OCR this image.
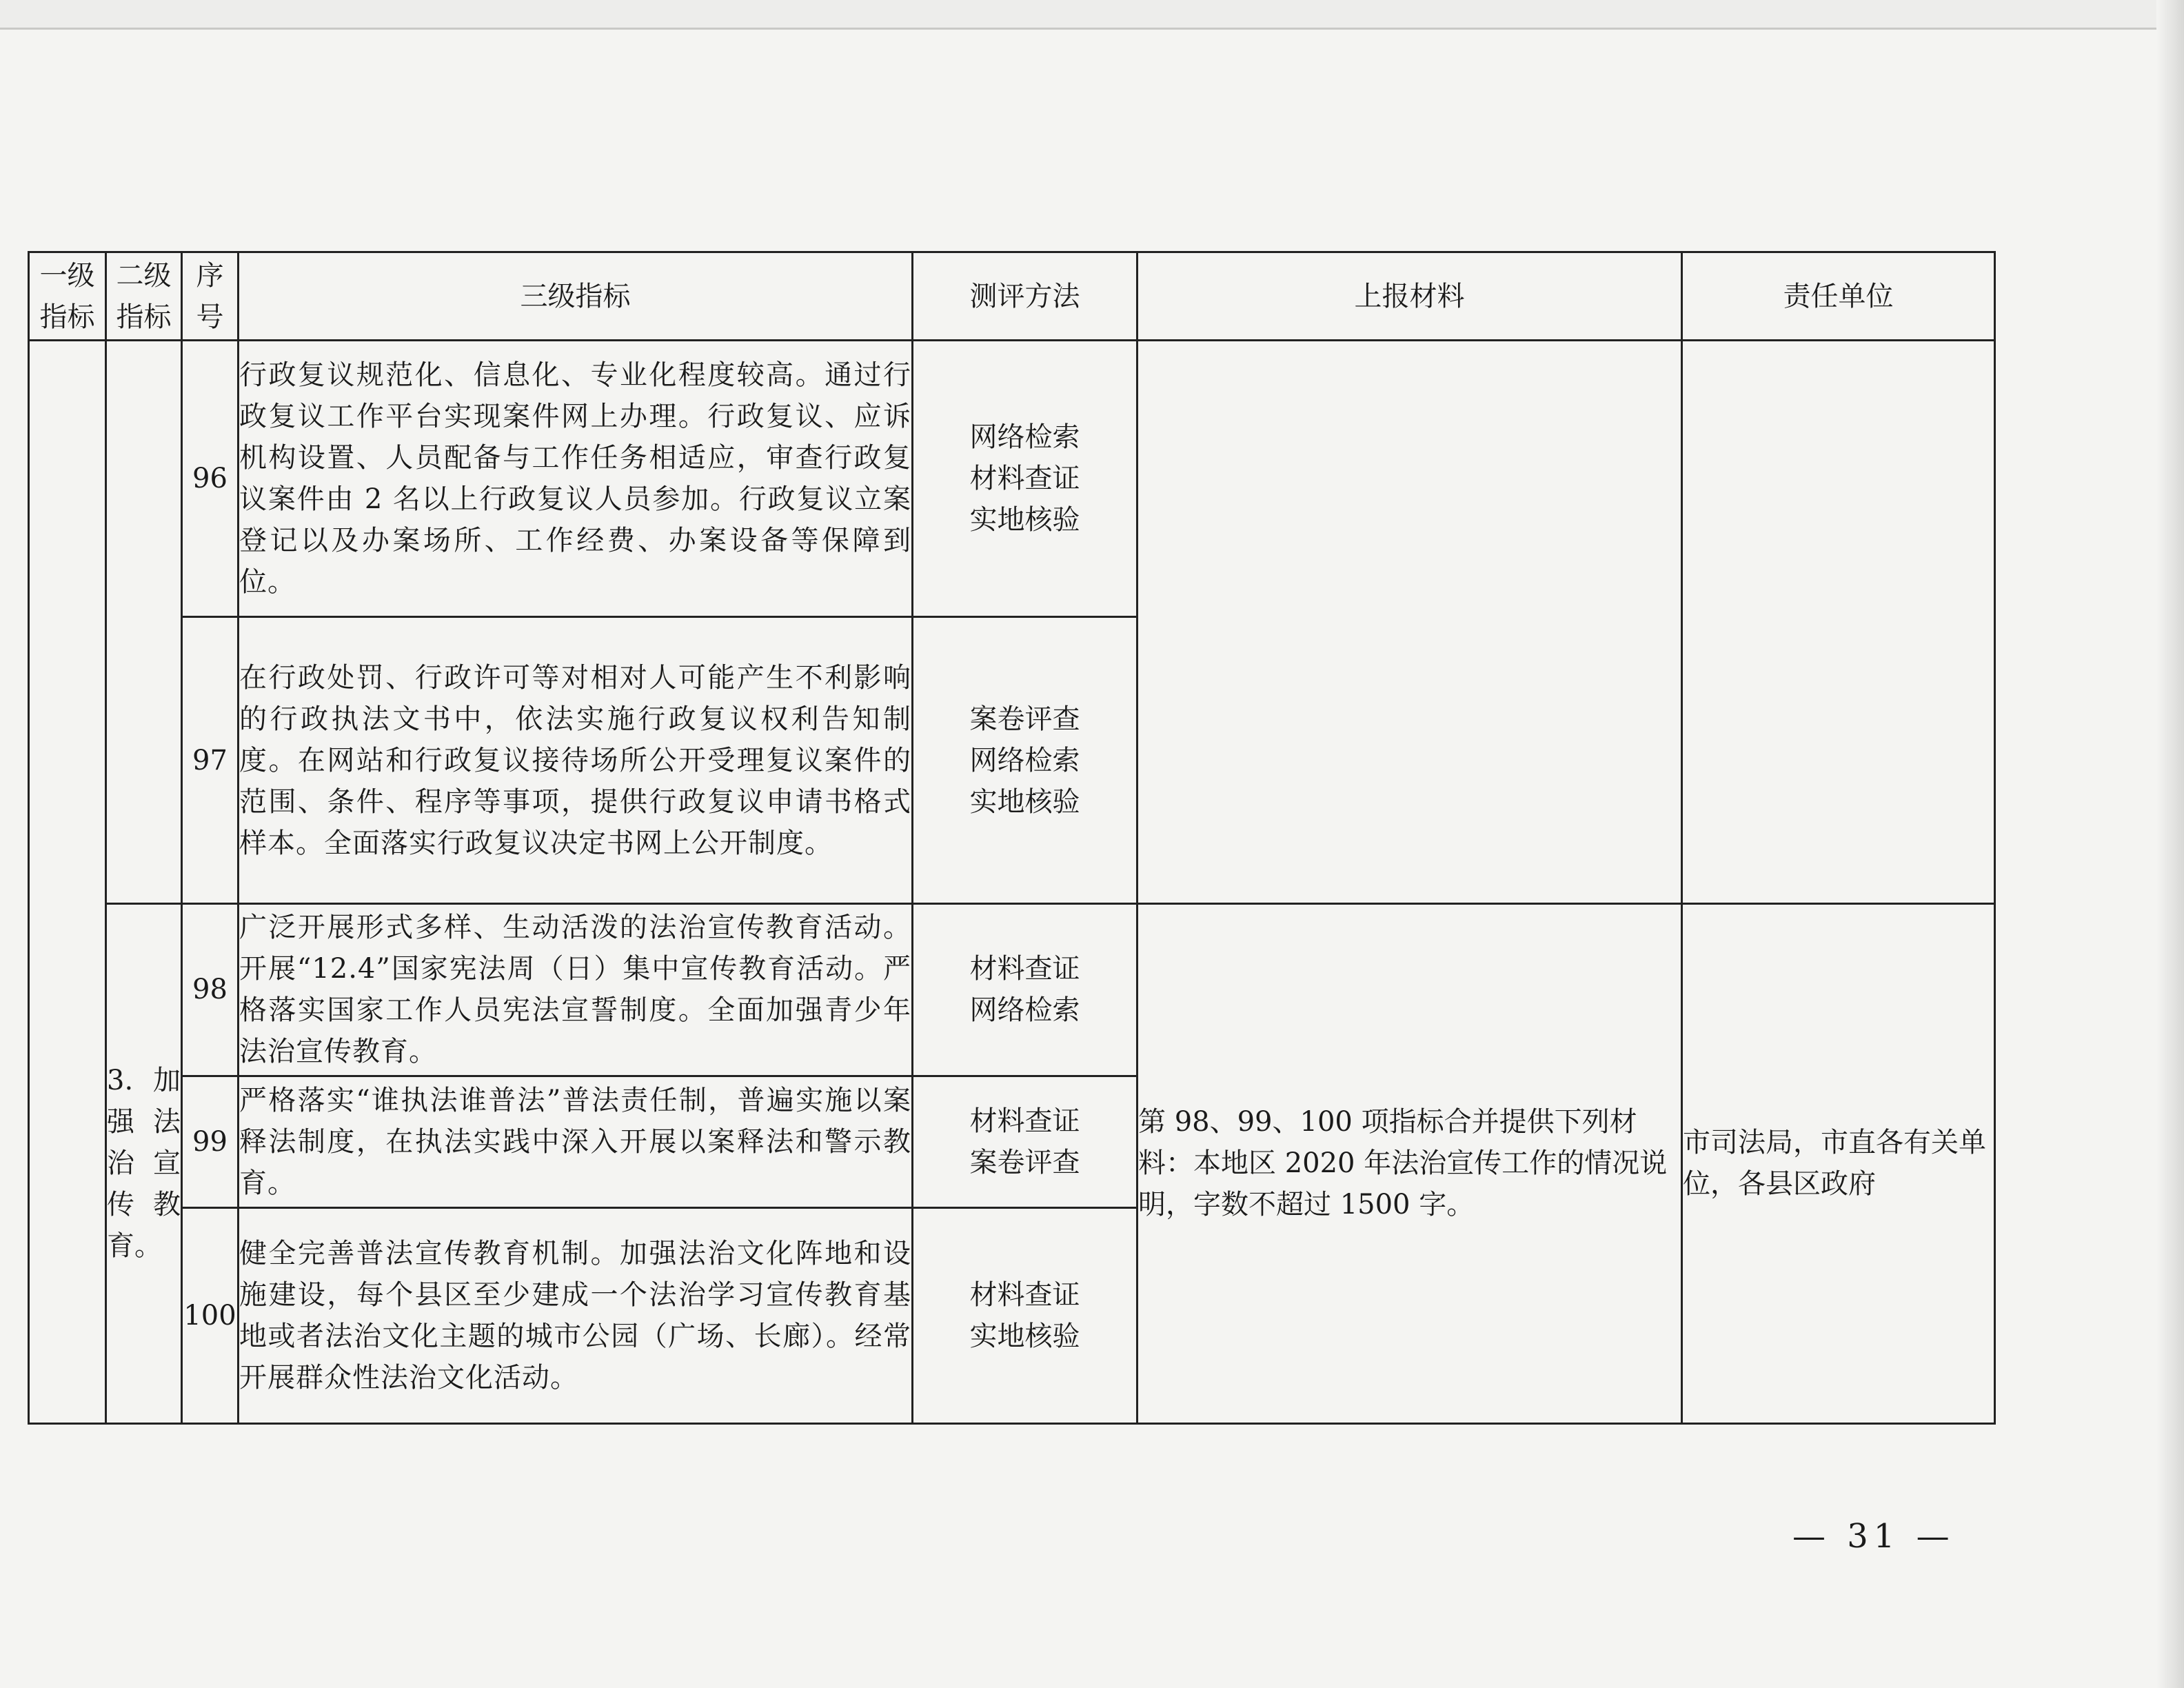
一级指标	二级指标	序号	三级指标	测评方法	上报材料	责任单位
		96	行政复议规范化、信息化、专业化程度较高。通过行政复议工作平台实现案件网上办理。行政复议、应诉机构设置、人员配备与工作任务相适应，审查行政复议案件由 2 名以上行政复议人员参加。行政复议立案登记以及办案场所、工作经费、办案设备等保障到位。	网络检索
材料查证
实地核验		

		97	在行政处罚、行政许可等对相对人可能产生不利影响的行政执法文书中，依法实施行政复议权利告知制度。在网站和行政复议接待场所公开受理复议案件的范围、条件、程序等事项，提供行政复议申请书格式样本。全面落实行政复议决定书网上公开制度。	案卷评查
网络检索
实地核验		

	3. 加强法治宣传教育。	98	广泛开展形式多样、生动活泼的法治宣传教育活动。开展“12.4”国家宪法周（日）集中宣传教育活动。严格落实国家工作人员宪法宣誓制度。全面加强青少年法治宣传教育。	材料查证
网络检索	第 98、99、100 项指标合并提供下列材料：本地区 2020 年法治宣传工作的情况说明，字数不超过 1500 字。	市司法局，市直各有关单位，各县区政府
		99	严格落实“谁执法谁普法”普法责任制，普遍实施以案释法制度，在执法实践中深入开展以案释法和警示教育。	材料查证
案卷评查		

		100	健全完善普法宣传教育机制。加强法治文化阵地和设施建设，每个县区至少建成一个法治学习宣传教育基地或者法治文化主题的城市公园（广场、长廊）。经常开展群众性法治文化活动。	材料查证
实地核验		
— 31 —
